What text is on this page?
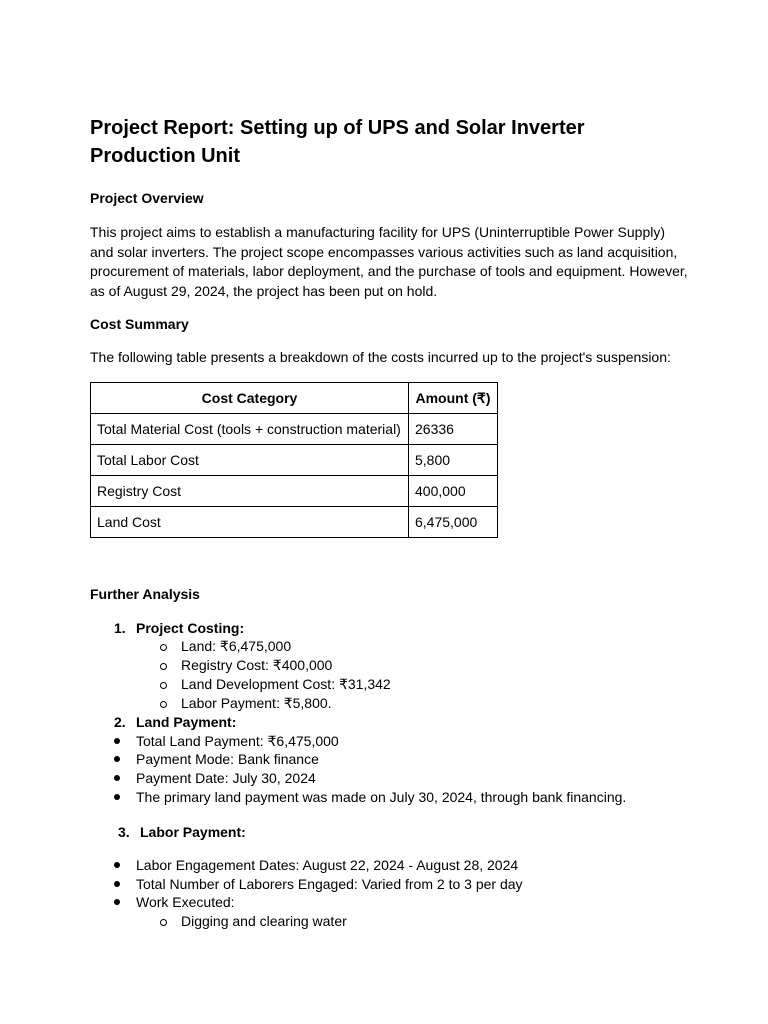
Project Report: Setting up of UPS and Solar Inverter Production Unit
Project Overview

This project aims to establish a manufacturing facility for UPS (Uninterruptible Power Supply) and solar inverters. The project scope encompasses various activities such as land acquisition, procurement of materials, labor deployment, and the purchase of tools and equipment. However, as of August 29, 2024, the project has been put on hold.

Cost Summary

The following table presents a breakdown of the costs incurred up to the project's suspension:

Cost Category	Amount (₹)
Total Material Cost (tools + construction material)	26336
Total Labor Cost	5,800
Registry Cost	400,000
Land Cost	6,475,000
Further Analysis
1. Project Costing:
Land: ₹6,475,000
Registry Cost: ₹400,000
Land Development Cost: ₹31,342
Labor Payment: ₹5,800.
2. Land Payment:
Total Land Payment: ₹6,475,000
Payment Mode: Bank finance
Payment Date: July 30, 2024
The primary land payment was made on July 30, 2024, through bank financing.
3. Labor Payment:
Labor Engagement Dates: August 22, 2024 - August 28, 2024
Total Number of Laborers Engaged: Varied from 2 to 3 per day
Work Executed:
Digging and clearing water
